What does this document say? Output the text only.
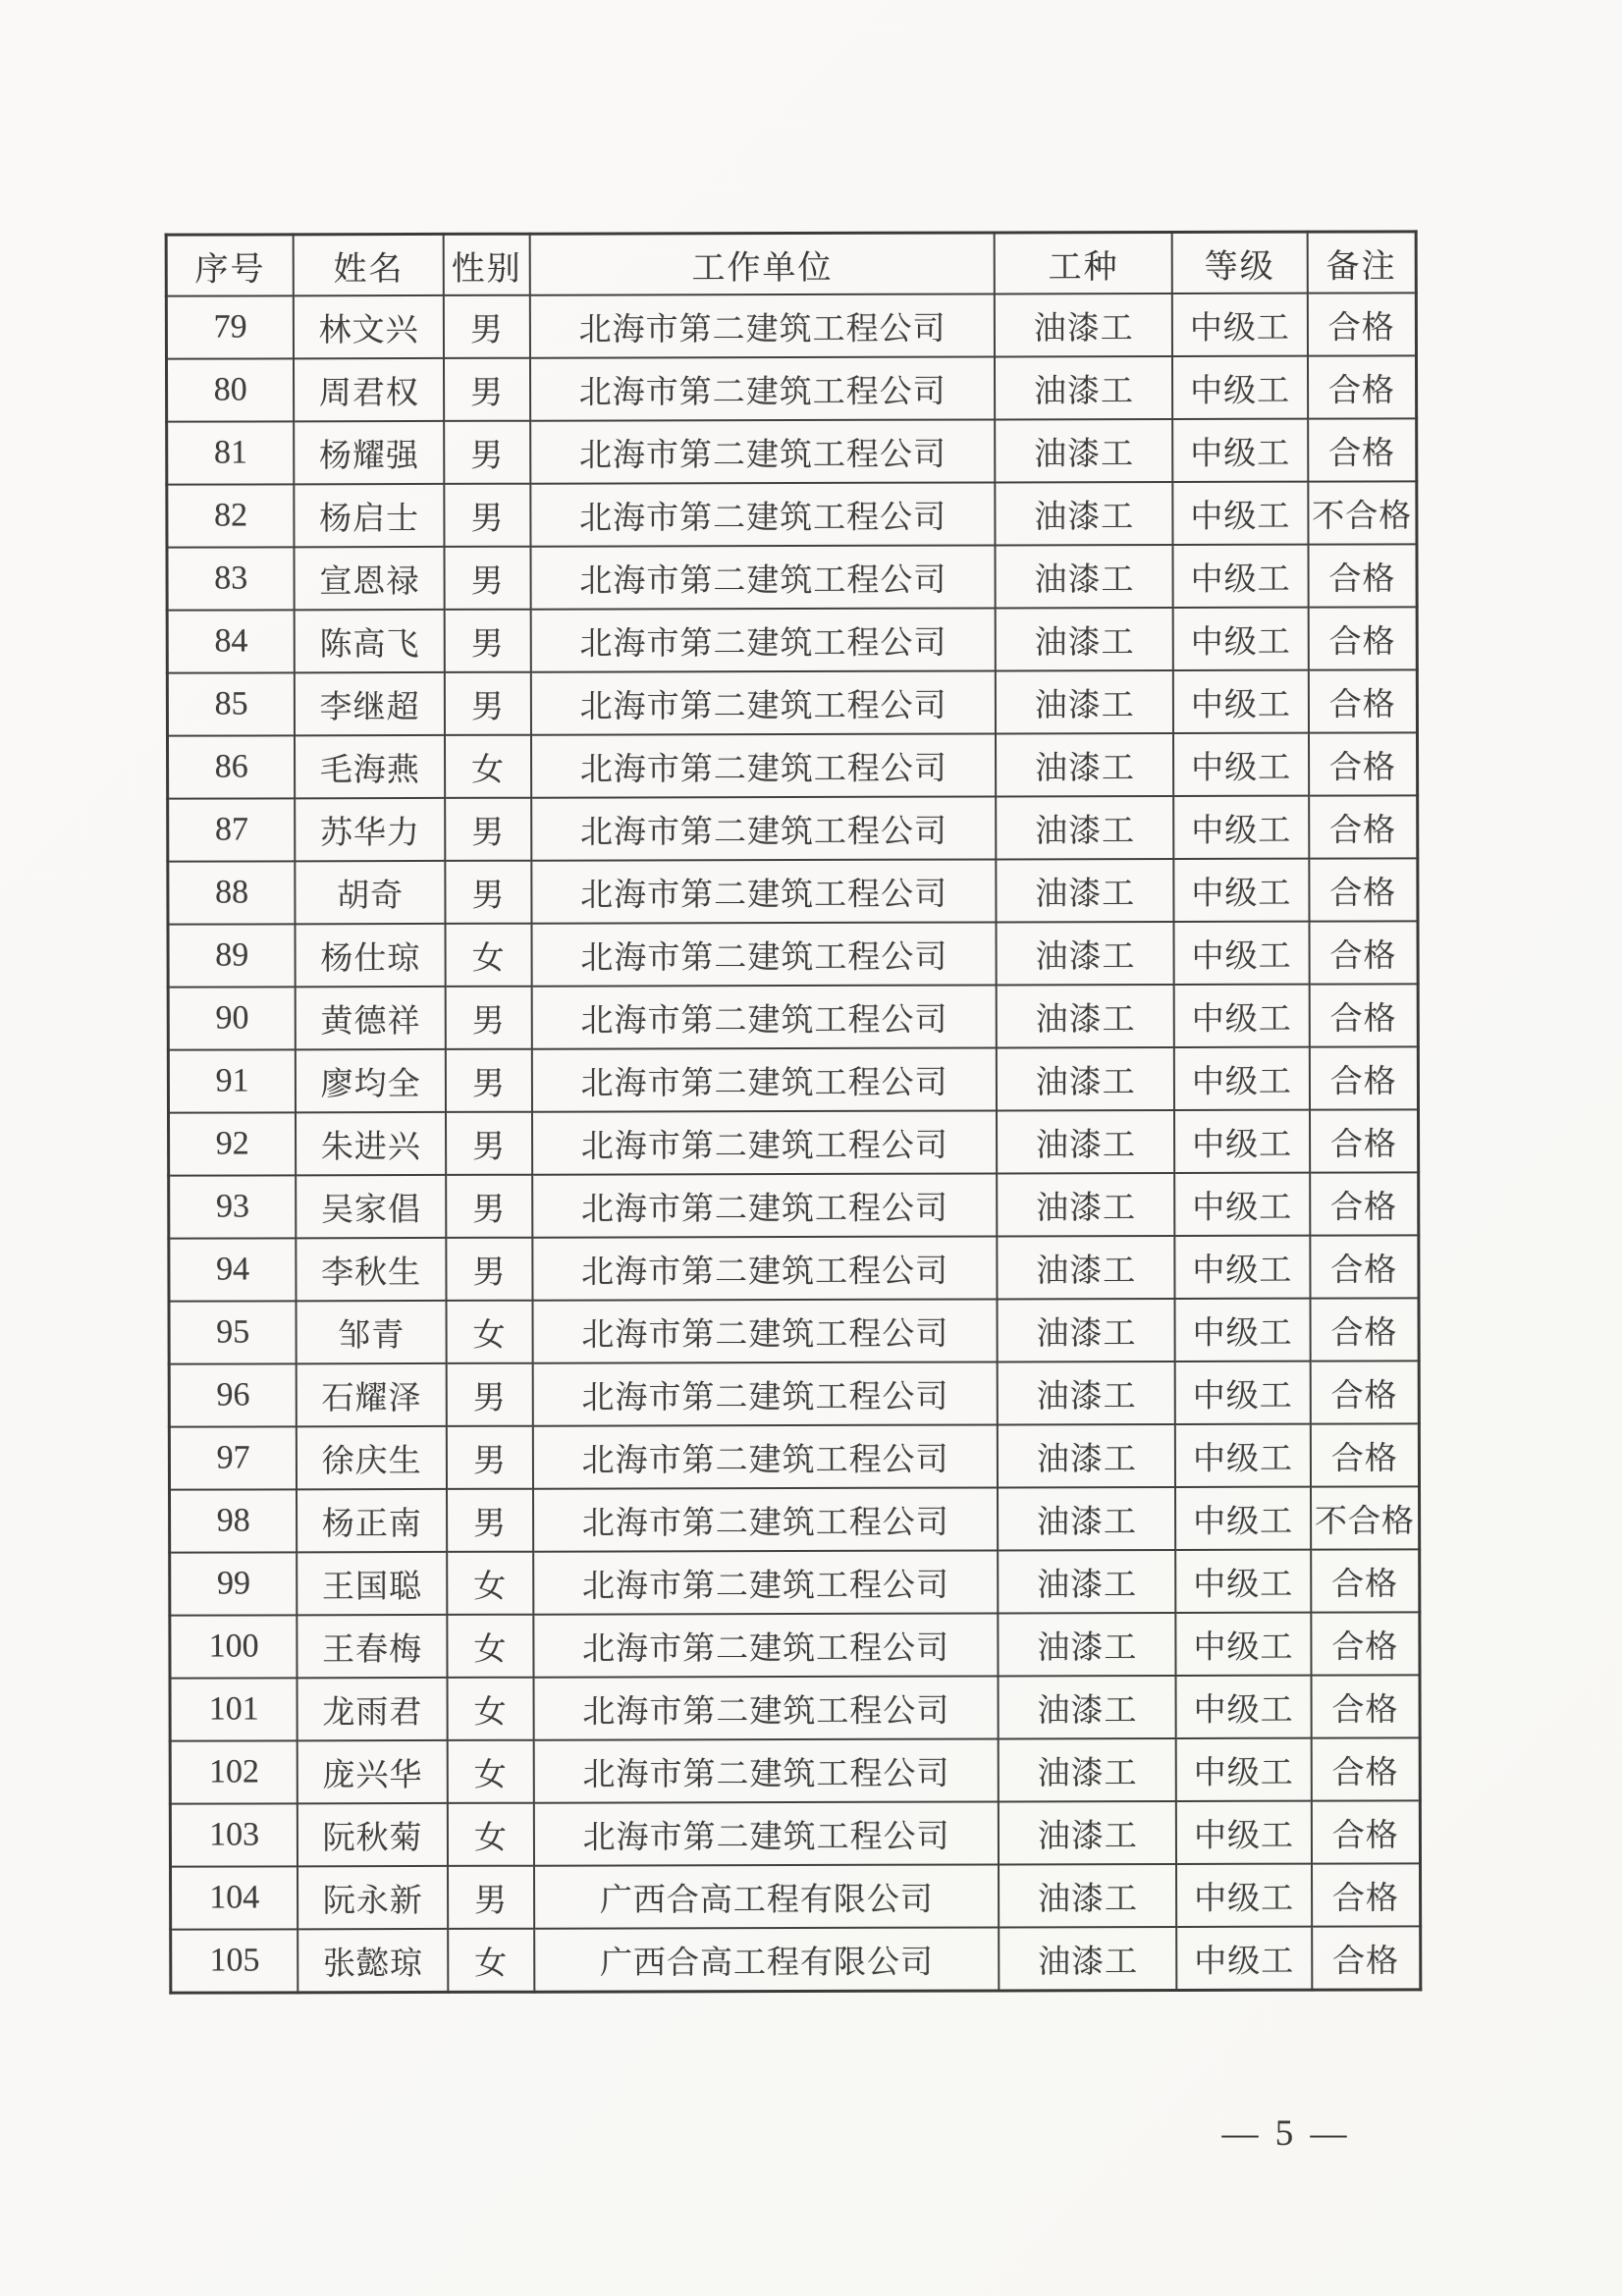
序号	姓名	性别	工作单位	工种	等级	备注
79	林文兴	男	北海市第二建筑工程公司	油漆工	中级工	合格
80	周君权	男	北海市第二建筑工程公司	油漆工	中级工	合格
81	杨耀强	男	北海市第二建筑工程公司	油漆工	中级工	合格
82	杨启士	男	北海市第二建筑工程公司	油漆工	中级工	不合格
83	宣恩禄	男	北海市第二建筑工程公司	油漆工	中级工	合格
84	陈高飞	男	北海市第二建筑工程公司	油漆工	中级工	合格
85	李继超	男	北海市第二建筑工程公司	油漆工	中级工	合格
86	毛海燕	女	北海市第二建筑工程公司	油漆工	中级工	合格
87	苏华力	男	北海市第二建筑工程公司	油漆工	中级工	合格
88	胡奇	男	北海市第二建筑工程公司	油漆工	中级工	合格
89	杨仕琼	女	北海市第二建筑工程公司	油漆工	中级工	合格
90	黄德祥	男	北海市第二建筑工程公司	油漆工	中级工	合格
91	廖均全	男	北海市第二建筑工程公司	油漆工	中级工	合格
92	朱进兴	男	北海市第二建筑工程公司	油漆工	中级工	合格
93	吴家倡	男	北海市第二建筑工程公司	油漆工	中级工	合格
94	李秋生	男	北海市第二建筑工程公司	油漆工	中级工	合格
95	邹青	女	北海市第二建筑工程公司	油漆工	中级工	合格
96	石耀泽	男	北海市第二建筑工程公司	油漆工	中级工	合格
97	徐庆生	男	北海市第二建筑工程公司	油漆工	中级工	合格
98	杨正南	男	北海市第二建筑工程公司	油漆工	中级工	不合格
99	王国聪	女	北海市第二建筑工程公司	油漆工	中级工	合格
100	王春梅	女	北海市第二建筑工程公司	油漆工	中级工	合格
101	龙雨君	女	北海市第二建筑工程公司	油漆工	中级工	合格
102	庞兴华	女	北海市第二建筑工程公司	油漆工	中级工	合格
103	阮秋菊	女	北海市第二建筑工程公司	油漆工	中级工	合格
104	阮永新	男	广西合高工程有限公司	油漆工	中级工	合格
105	张懿琼	女	广西合高工程有限公司	油漆工	中级工	合格
— 5 —
